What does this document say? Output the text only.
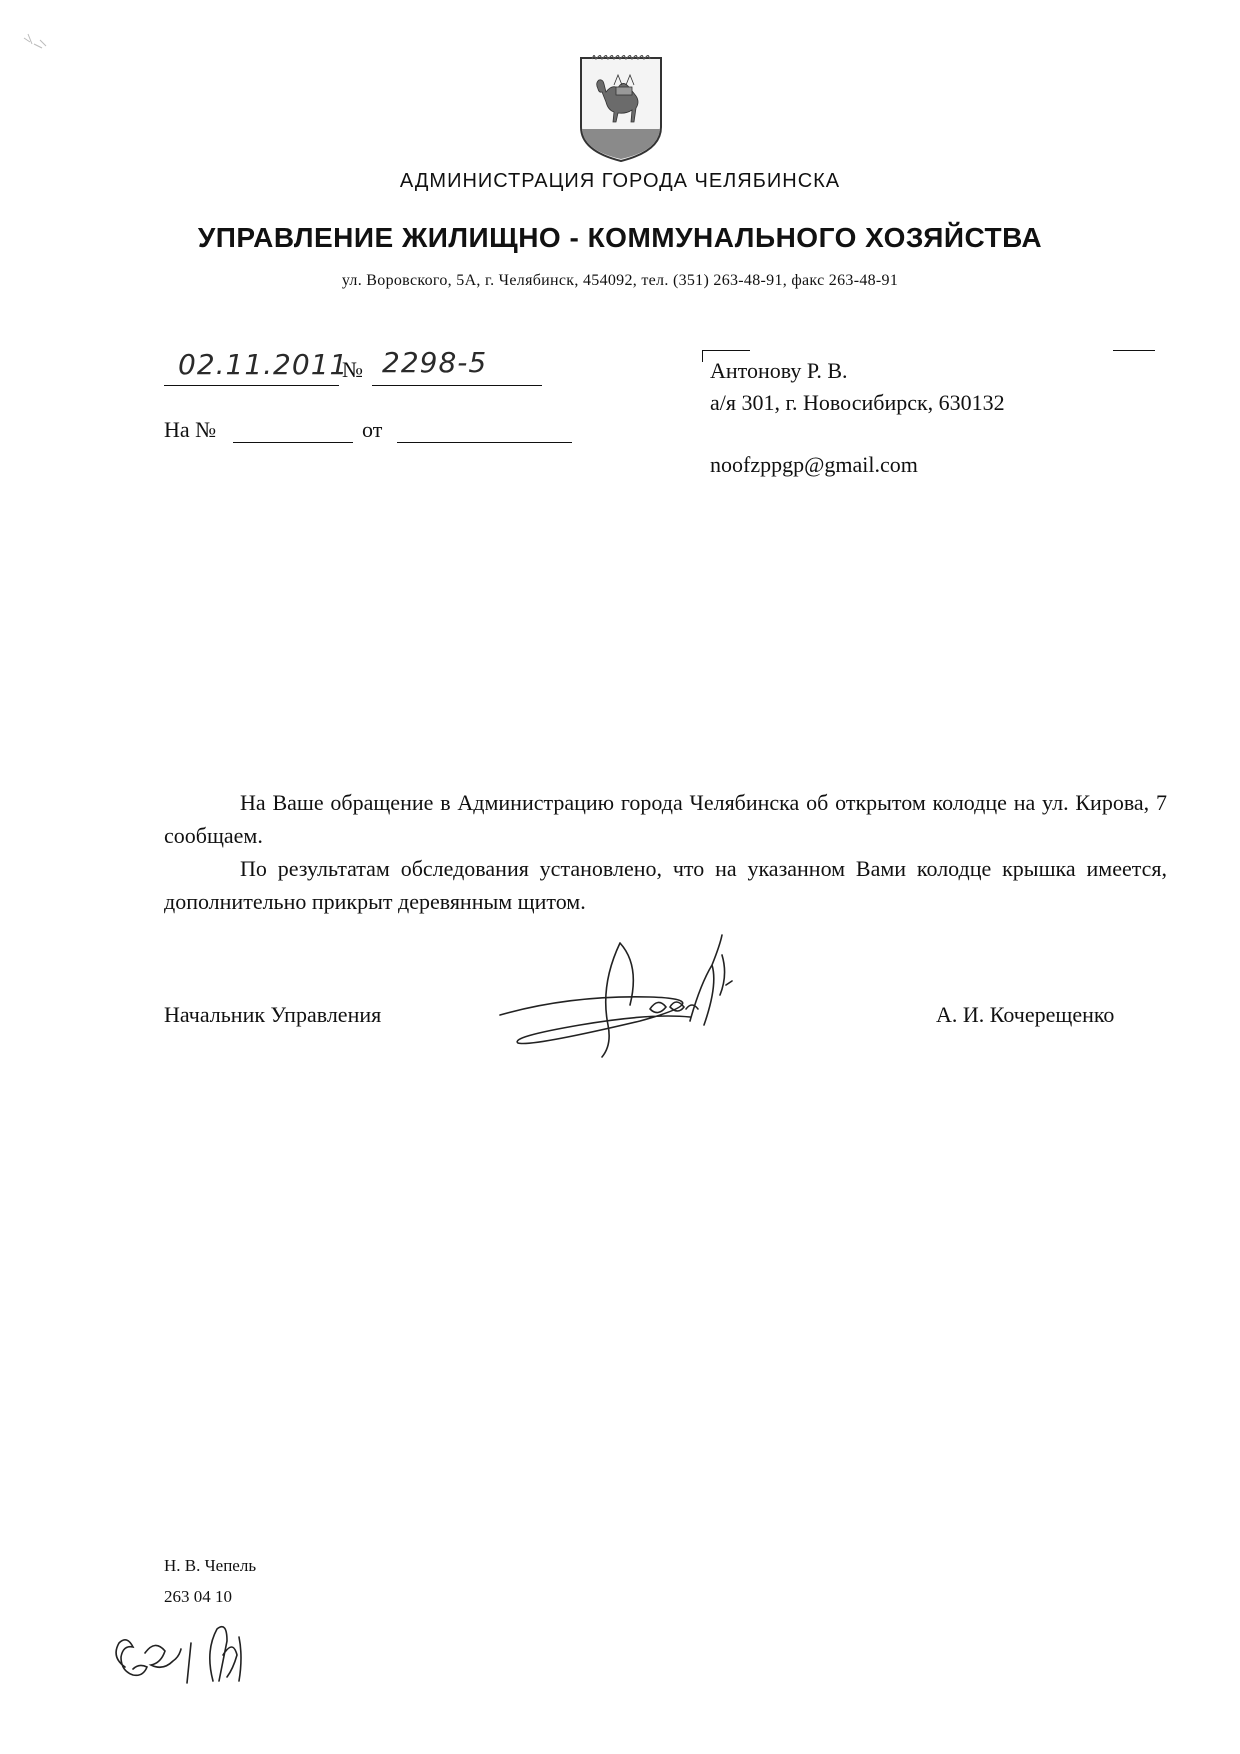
АДМИНИСТРАЦИЯ ГОРОДА ЧЕЛЯБИНСКА
УПРАВЛЕНИЕ ЖИЛИЩНО - КОММУНАЛЬНОГО ХОЗЯЙСТВА
ул. Воровского, 5А, г. Челябинск, 454092, тел. (351) 263-48-91, факс 263-48-91
02.11.2011
№ 2298-5
На №	от
Антонову Р. В.
а/я 301, г. Новосибирск, 630132
noofzppgp@gmail.com
На Ваше обращение в Администрацию города Челябинска об открытом колодце на ул. Кирова, 7 сообщаем.
По результатам обследования установлено, что на указанном Вами колодце крышка имеется, дополнительно прикрыт деревянным щитом.
Начальник Управления	А. И. Кочерещенко
Н. В. Чепель
263 04 10
